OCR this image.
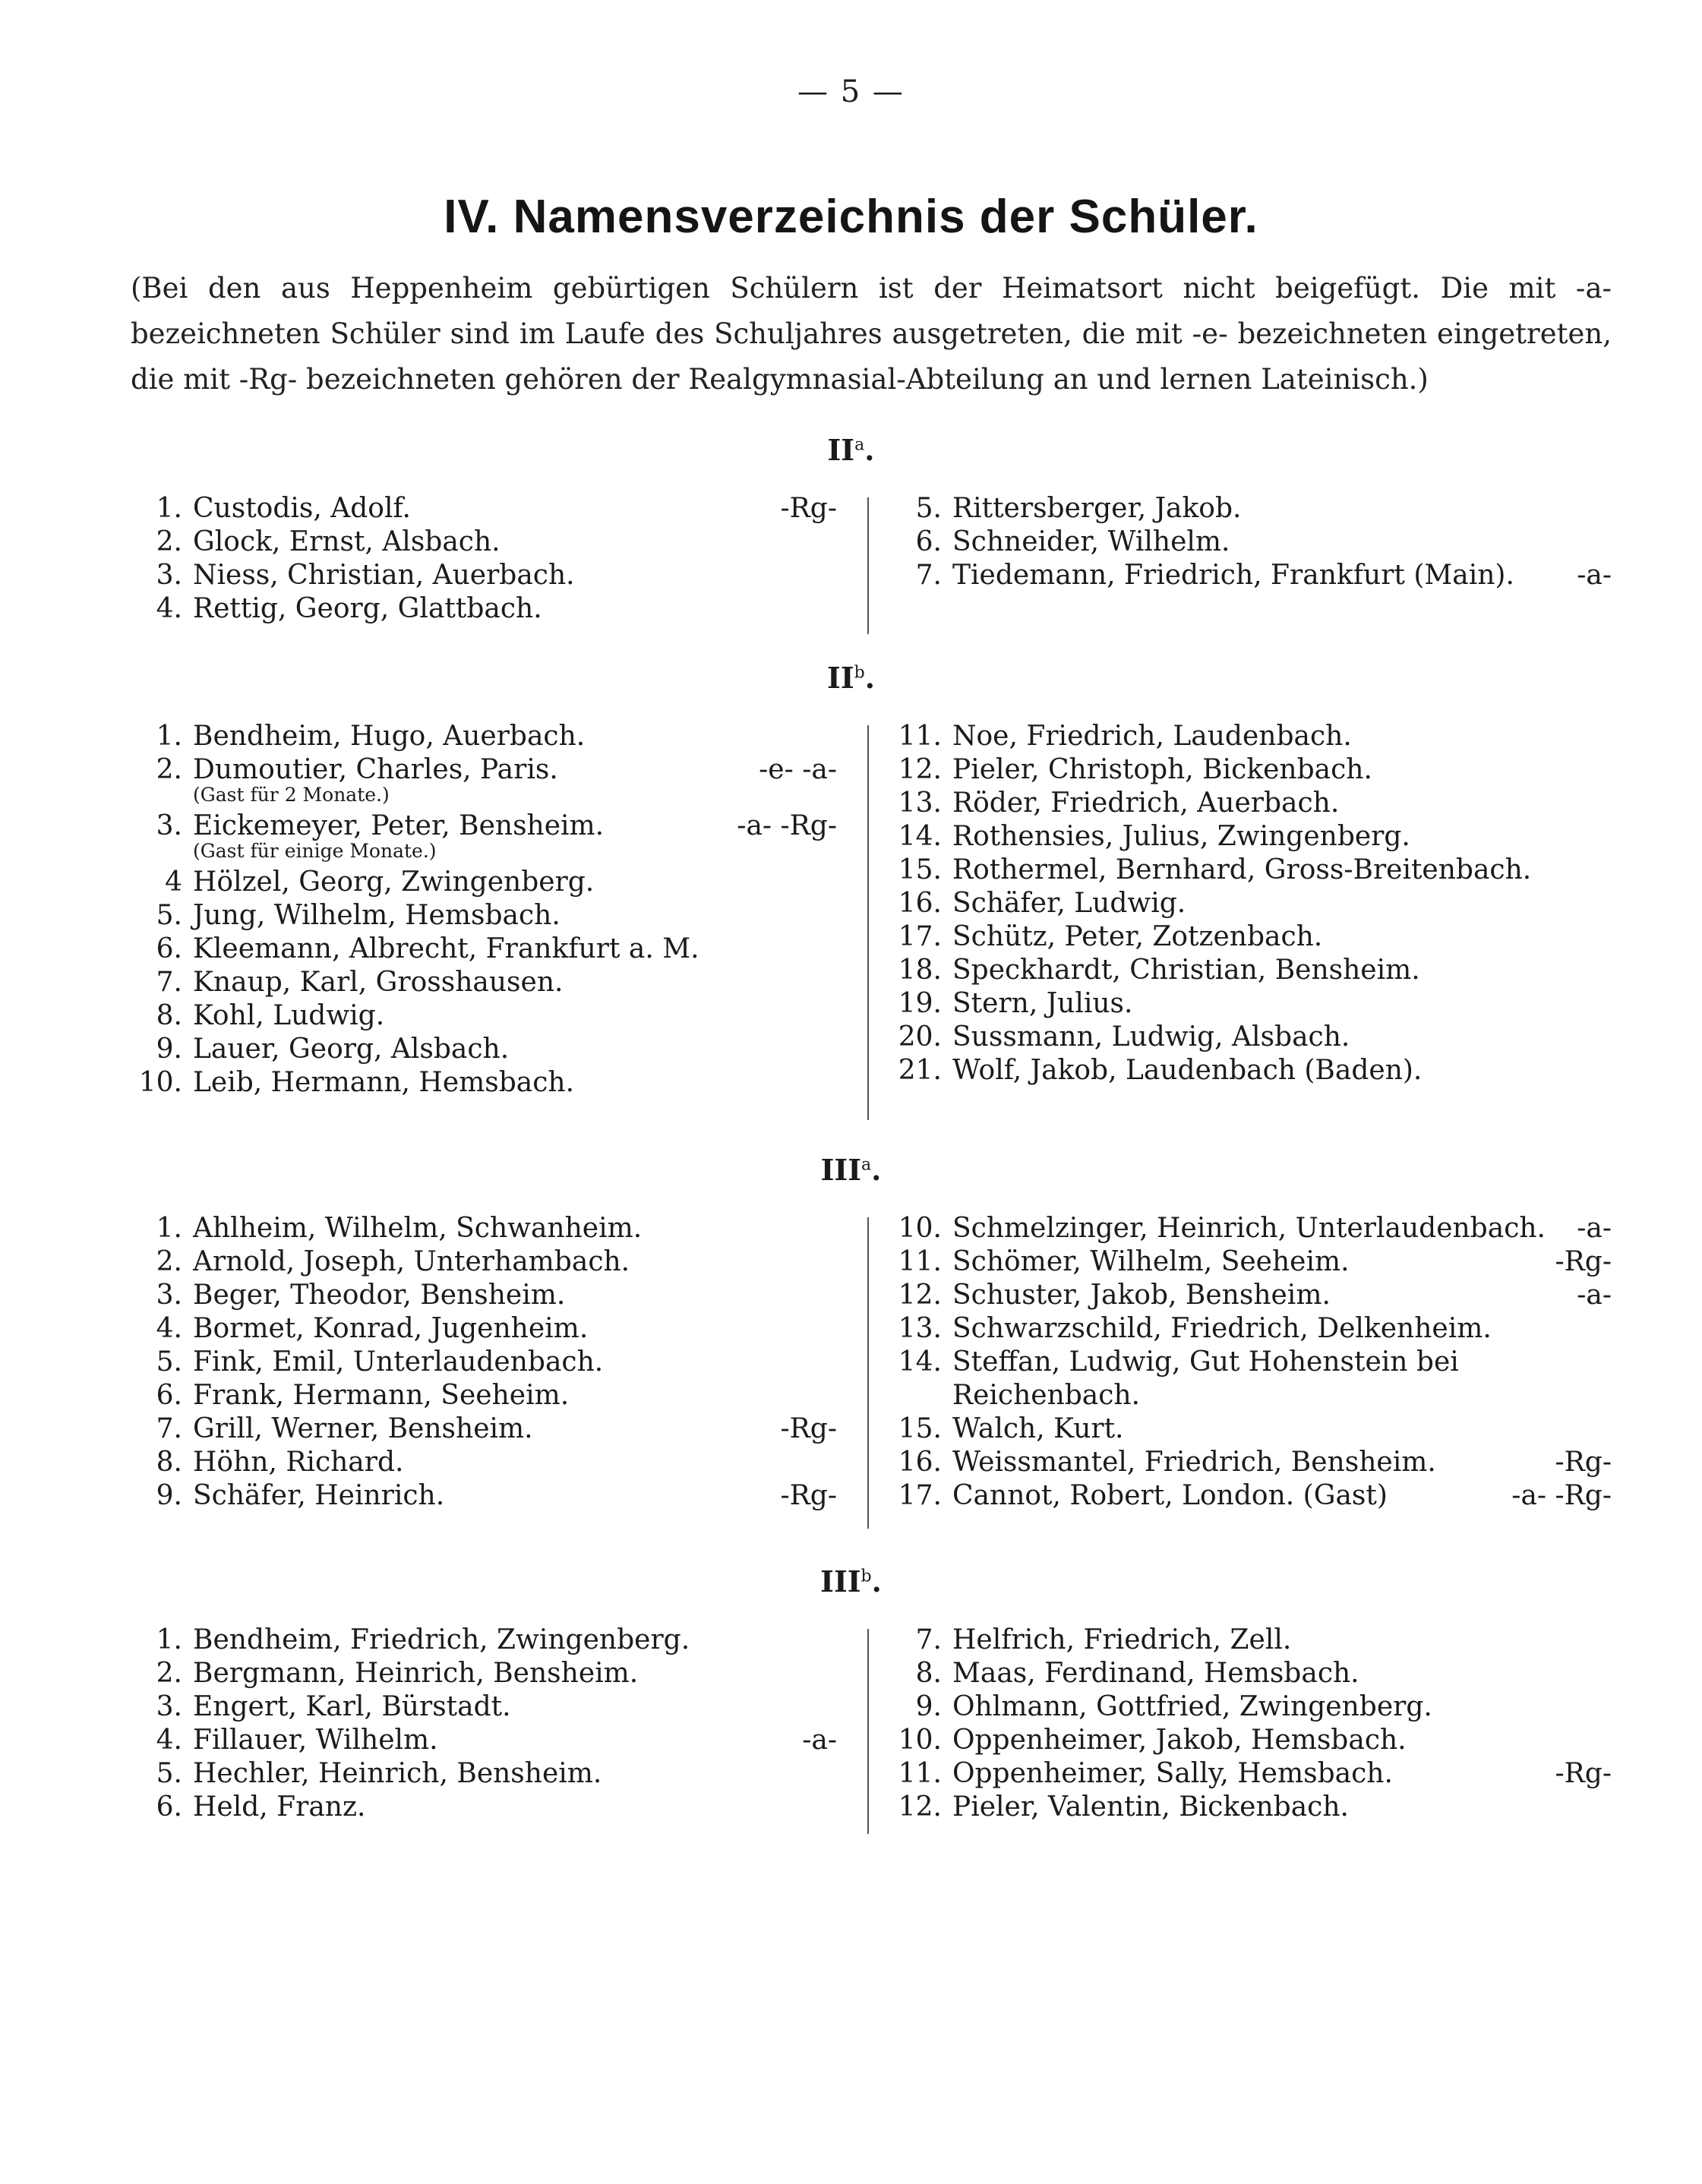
— 5 —
IV. Namensverzeichnis der Schüler.
(Bei den aus Heppenheim gebürtigen Schülern ist der Heimatsort nicht beigefügt. Die mit -a- bezeichneten Schüler sind im Laufe des Schuljahres ausgetreten, die mit -e- bezeichneten eingetreten, die mit -Rg- bezeichneten gehören der Realgymnasial-Abteilung an und lernen Lateinisch.)
$II^a$.
1. Custodis, Adolf.	-Rg-
2. Glock, Ernst, Alsbach.
3. Niess, Christian, Auerbach.
4. Rettig, Georg, Glattbach.
5. Rittersberger, Jakob.
6. Schneider, Wilhelm.
7. Tiedemann, Friedrich, Frankfurt (Main). -a-
$II^b$.
1. Bendheim, Hugo, Auerbach.
2. Dumoutier, Charles, Paris.	-e- -a-
(Gast für 2 Monate.)
3. Eickemeyer, Peter, Bensheim.	-a- -Rg-
(Gast für einige Monate.)
4 Hölzel, Georg, Zwingenberg.
5. Jung, Wilhelm, Hemsbach.
6. Kleemann, Albrecht, Frankfurt a. M.
7. Knaup, Karl, Grosshausen.
8. Kohl, Ludwig.
9. Lauer, Georg, Alsbach.
10. Leib, Hermann, Hemsbach.
11. Noe, Friedrich, Laudenbach.
12. Pieler, Christoph, Bickenbach.
13. Röder, Friedrich, Auerbach.
14. Rothensies, Julius, Zwingenberg.
15. Rothermel, Bernhard, Gross-Breitenbach.
16. Schäfer, Ludwig.
17. Schütz, Peter, Zotzenbach.
18. Speckhardt, Christian, Bensheim.
19. Stern, Julius.
20. Sussmann, Ludwig, Alsbach.
21. Wolf, Jakob, Laudenbach (Baden).
III$^a$.
1. Ahlheim, Wilhelm, Schwanheim.
2. Arnold, Joseph, Unterhambach.
3. Beger, Theodor, Bensheim.
4. Bormet, Konrad, Jugenheim.
5. Fink, Emil, Unterlaudenbach.
6. Frank, Hermann, Seeheim.
7. Grill, Werner, Bensheim.	-Rg-
8. Höhn, Richard.
9. Schäfer, Heinrich.	-Rg-
10. Schmelzinger, Heinrich, Unterlaudenbach. -a-
11. Schömer, Wilhelm, Seeheim.	-Rg-
12. Schuster, Jakob, Bensheim.	-a-
13. Schwarzschild, Friedrich, Delkenheim.
14. Steffan, Ludwig, Gut Hohenstein bei
Reichenbach.
15. Walch, Kurt.
16. Weissmantel, Friedrich, Bensheim.	-Rg-
17. Cannot, Robert, London. (Gast)	-a- -Rg-
III$^b$.
1. Bendheim, Friedrich, Zwingenberg.
2. Bergmann, Heinrich, Bensheim.
3. Engert, Karl, Bürstadt.
4. Fillauer, Wilhelm.	-a-
5. Hechler, Heinrich, Bensheim.
6. Held, Franz.
7. Helfrich, Friedrich, Zell.
8. Maas, Ferdinand, Hemsbach.
9. Ohlmann, Gottfried, Zwingenberg.
10. Oppenheimer, Jakob, Hemsbach.
11. Oppenheimer, Sally, Hemsbach.	-Rg-
12. Pieler, Valentin, Bickenbach.
